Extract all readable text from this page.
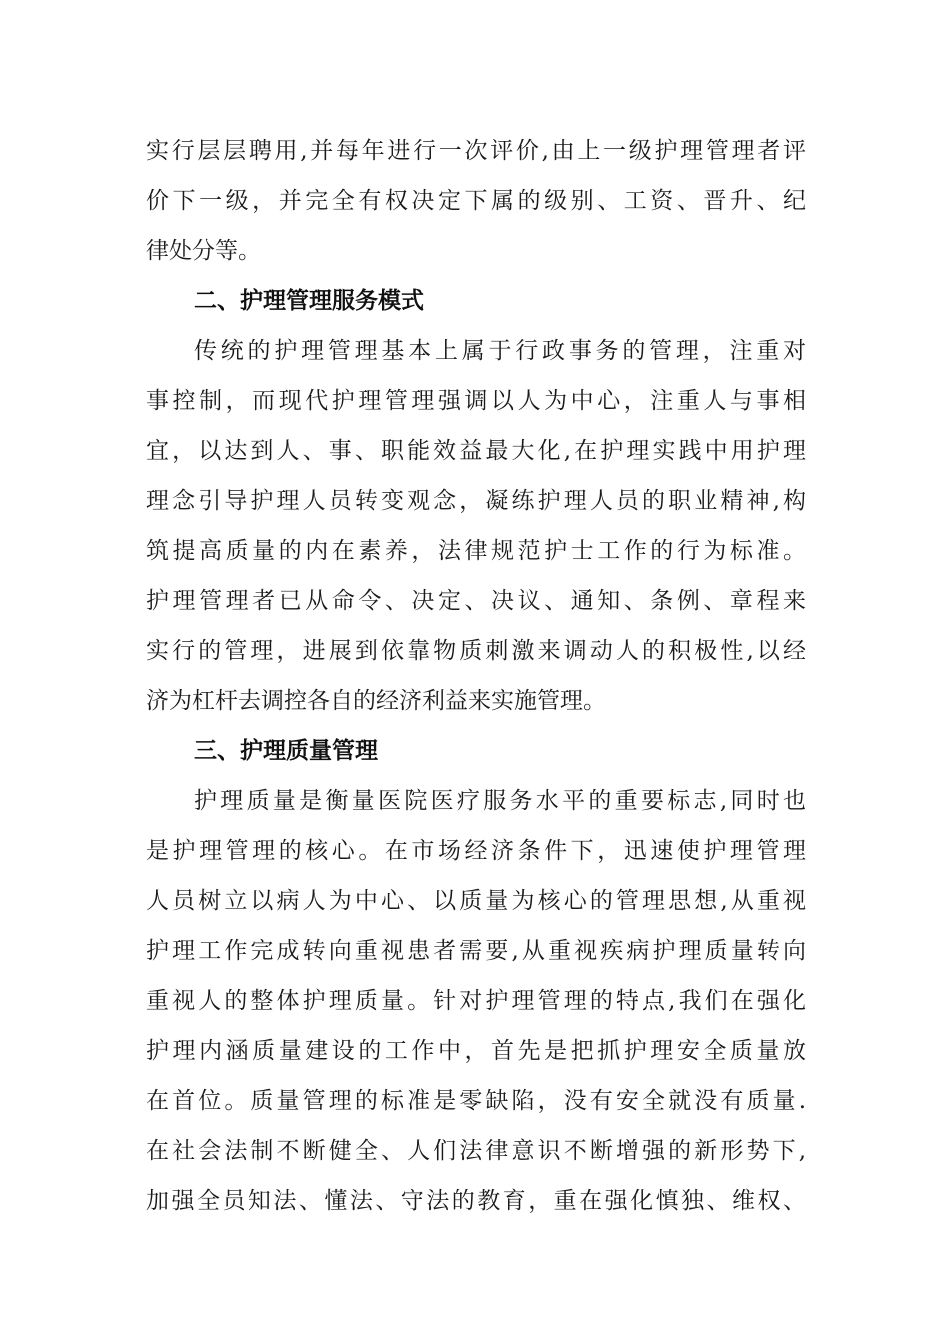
实行层层聘用,并每年进行一次评价,由上一级护理管理者评
价下一级，并完全有权决定下属的级别、工资、晋升、纪
律处分等。
二、护理管理服务模式
传统的护理管理基本上属于行政事务的管理，注重对
事控制，而现代护理管理强调以人为中心，注重人与事相
宜，以达到人、事、职能效益最大化,在护理实践中用护理
理念引导护理人员转变观念，凝练护理人员的职业精神,构
筑提高质量的内在素养，法律规范护士工作的行为标准。
护理管理者已从命令、决定、决议、通知、条例、章程来
实行的管理，进展到依靠物质刺激来调动人的积极性,以经
济为杠杆去调控各自的经济利益来实施管理。
三、护理质量管理
护理质量是衡量医院医疗服务水平的重要标志,同时也
是护理管理的核心。在市场经济条件下，迅速使护理管理
人员树立以病人为中心、以质量为核心的管理思想,从重视
护理工作完成转向重视患者需要,从重视疾病护理质量转向
重视人的整体护理质量。针对护理管理的特点,我们在强化
护理内涵质量建设的工作中，首先是把抓护理安全质量放
在首位。质量管理的标准是零缺陷，没有安全就没有质量.
在社会法制不断健全、人们法律意识不断增强的新形势下,
加强全员知法、懂法、守法的教育，重在强化慎独、维权、
